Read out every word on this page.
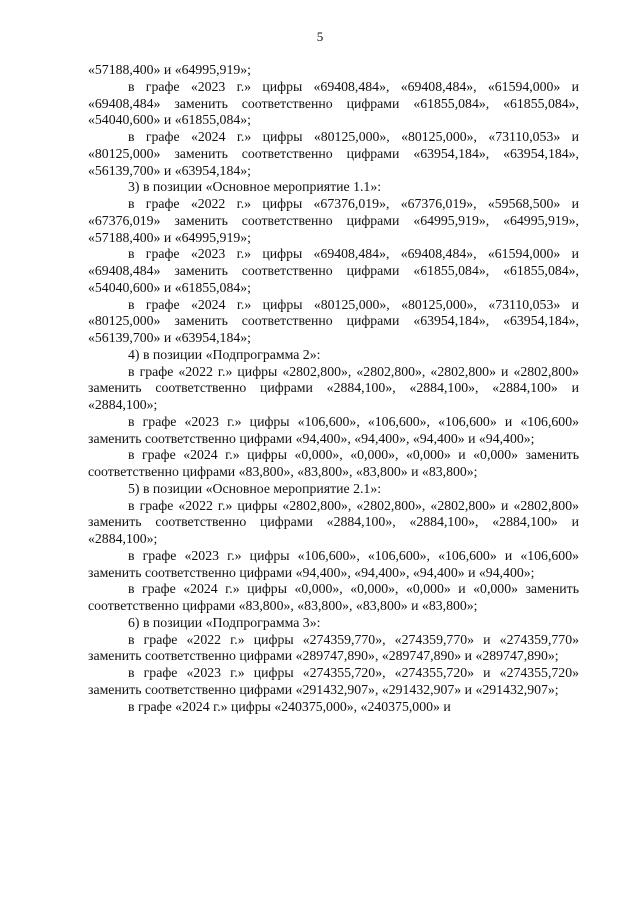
5

«57188,400» и «64995,919»;

в графе «2023 г.» цифры «69408,484», «69408,484», «61594,000» и «69408,484» заменить соответственно цифрами «61855,084», «61855,084», «54040,600» и «61855,084»;

в графе «2024 г.» цифры «80125,000», «80125,000», «73110,053» и «80125,000» заменить соответственно цифрами «63954,184», «63954,184», «56139,700» и «63954,184»;

3) в позиции «Основное мероприятие 1.1»:

в графе «2022 г.» цифры «67376,019», «67376,019», «59568,500» и «67376,019» заменить соответственно цифрами «64995,919», «64995,919», «57188,400» и «64995,919»;

в графе «2023 г.» цифры «69408,484», «69408,484», «61594,000» и «69408,484» заменить соответственно цифрами «61855,084», «61855,084», «54040,600» и «61855,084»;

в графе «2024 г.» цифры «80125,000», «80125,000», «73110,053» и «80125,000» заменить соответственно цифрами «63954,184», «63954,184», «56139,700» и «63954,184»;

4) в позиции «Подпрограмма 2»:

в графе «2022 г.» цифры «2802,800», «2802,800», «2802,800» и «2802,800» заменить соответственно цифрами «2884,100», «2884,100», «2884,100» и «2884,100»;

в графе «2023 г.» цифры «106,600», «106,600», «106,600» и «106,600» заменить соответственно цифрами «94,400», «94,400», «94,400» и «94,400»;

в графе «2024 г.» цифры «0,000», «0,000», «0,000» и «0,000» заменить соответственно цифрами «83,800», «83,800», «83,800» и «83,800»;

5) в позиции «Основное мероприятие 2.1»:

в графе «2022 г.» цифры «2802,800», «2802,800», «2802,800» и «2802,800» заменить соответственно цифрами «2884,100», «2884,100», «2884,100» и «2884,100»;

в графе «2023 г.» цифры «106,600», «106,600», «106,600» и «106,600» заменить соответственно цифрами «94,400», «94,400», «94,400» и «94,400»;

в графе «2024 г.» цифры «0,000», «0,000», «0,000» и «0,000» заменить соответственно цифрами «83,800», «83,800», «83,800» и «83,800»;

6) в позиции «Подпрограмма 3»:

в графе «2022 г.» цифры «274359,770», «274359,770» и «274359,770» заменить соответственно цифрами «289747,890», «289747,890» и «289747,890»;

в графе «2023 г.» цифры «274355,720», «274355,720» и «274355,720» заменить соответственно цифрами «291432,907», «291432,907» и «291432,907»;

в графе «2024 г.» цифры «240375,000», «240375,000» и
